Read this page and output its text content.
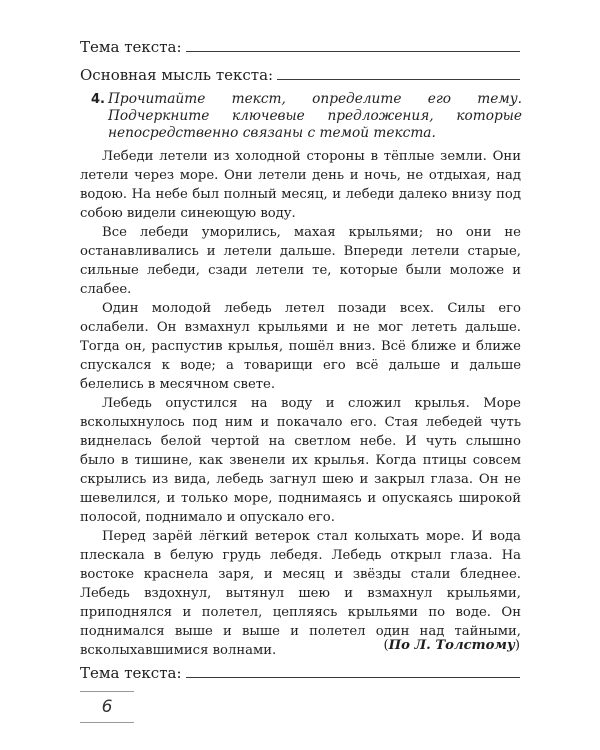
Тема текста:
Основная мысль текста:
4. Прочитайте текст, определите его тему. Подчеркните ключевые предложения, которые непосредственно связаны с темой текста.

Лебеди летели из холодной стороны в тёплые земли. Они летели через море. Они летели день и ночь, не отдыхая, над водою. На небе был полный месяц, и лебеди далеко внизу под собою видели синеющую воду.

Все лебеди уморились, махая крыльями; но они не останавливались и летели дальше. Впереди летели старые, сильные лебеди, сзади летели те, которые были моложе и слабее.

Один молодой лебедь летел позади всех. Силы его ослабели. Он взмахнул крыльями и не мог лететь дальше. Тогда он, распустив крылья, пошёл вниз. Всё ближе и ближе спускался к воде; а товарищи его всё дальше и дальше белелись в месячном свете.

Лебедь опустился на воду и сложил крылья. Море всколыхнулось под ним и покачало его. Стая лебедей чуть виднелась белой чертой на светлом небе. И чуть слышно было в тишине, как звенели их крылья. Когда птицы совсем скрылись из вида, лебедь загнул шею и закрыл глаза. Он не шевелился, и только море, поднимаясь и опускаясь широкой полосой, поднимало и опускало его.

Перед зарёй лёгкий ветерок стал колыхать море. И вода плескала в белую грудь лебедя. Лебедь открыл глаза. На востоке краснела заря, и месяц и звёзды стали бледнее. Лебедь вздохнул, вытянул шею и взмахнул крыльями, приподнялся и полетел, цепляясь крыльями по воде. Он поднимался выше и выше и полетел один над тайными, всколыхавшимися волнами.	(По Л. Толстому)
Тема текста:
6
